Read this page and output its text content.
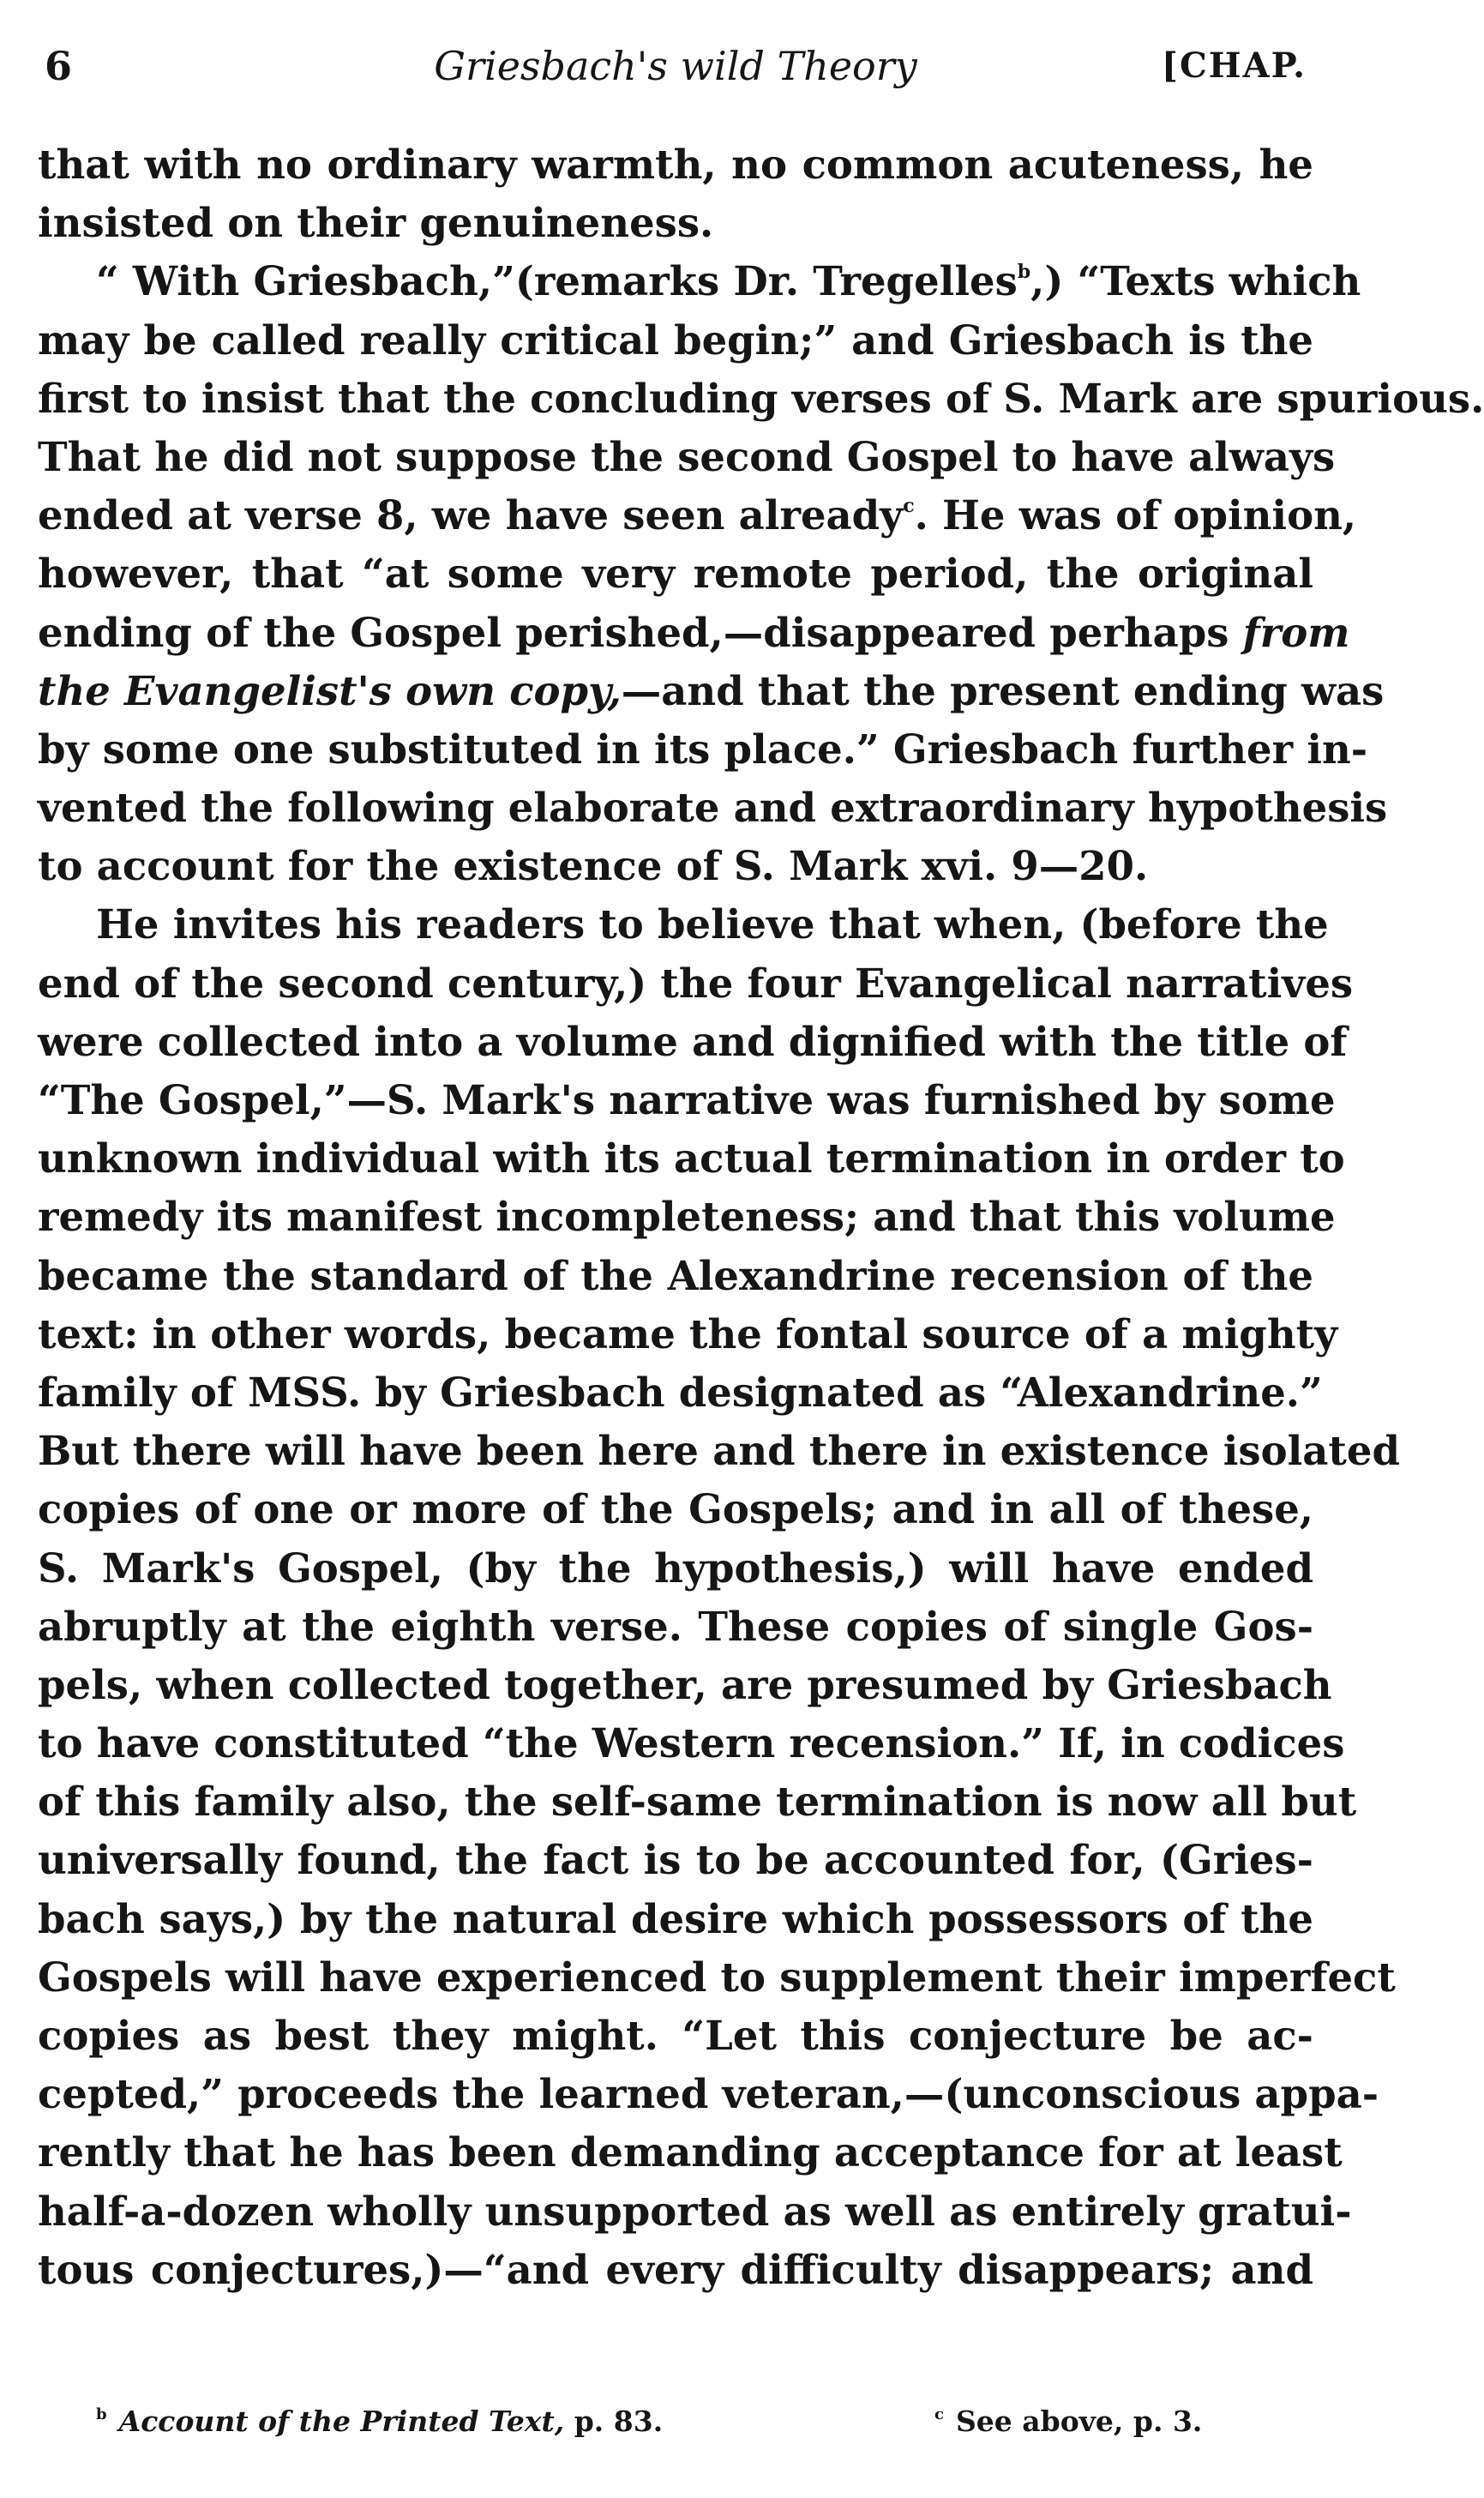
6	Griesbach's wild Theory	[CHAP.
that with no ordinary warmth, no common acuteness, he
insisted on their genuineness.
“ With Griesbach,”(remarks Dr. Tregelles$^b$,) “Texts which
may be called really critical begin;” and Griesbach is the
first to insist that the concluding verses of S. Mark are spurious.
That he did not suppose the second Gospel to have always
ended at verse 8, we have seen already$^c$. He was of opinion,
however, that “at some very remote period, the original
ending of the Gospel perished,—disappeared perhaps from
the Evangelist's own copy,—and that the present ending was
by some one substituted in its place.” Griesbach further in-
vented the following elaborate and extraordinary hypothesis
to account for the existence of S. Mark xvi. 9—20.
He invites his readers to believe that when, (before the
end of the second century,) the four Evangelical narratives
were collected into a volume and dignified with the title of
“The Gospel,”—S. Mark's narrative was furnished by some
unknown individual with its actual termination in order to
remedy its manifest incompleteness; and that this volume
became the standard of the Alexandrine recension of the
text: in other words, became the fontal source of a mighty
family of MSS. by Griesbach designated as “Alexandrine.”
But there will have been here and there in existence isolated
copies of one or more of the Gospels; and in all of these,
S. Mark's Gospel, (by the hypothesis,) will have ended
abruptly at the eighth verse. These copies of single Gos-
pels, when collected together, are presumed by Griesbach
to have constituted “the Western recension.” If, in codices
of this family also, the self-same termination is now all but
universally found, the fact is to be accounted for, (Gries-
bach says,) by the natural desire which possessors of the
Gospels will have experienced to supplement their imperfect
copies as best they might. “Let this conjecture be ac-
cepted,” proceeds the learned veteran,—(unconscious appa-
rently that he has been demanding acceptance for at least
half-a-dozen wholly unsupported as well as entirely gratui-
tous conjectures,)—“and every difficulty disappears; and
$^b$ Account of the Printed Text, p. 83.	$^c$ See above, p. 3.
